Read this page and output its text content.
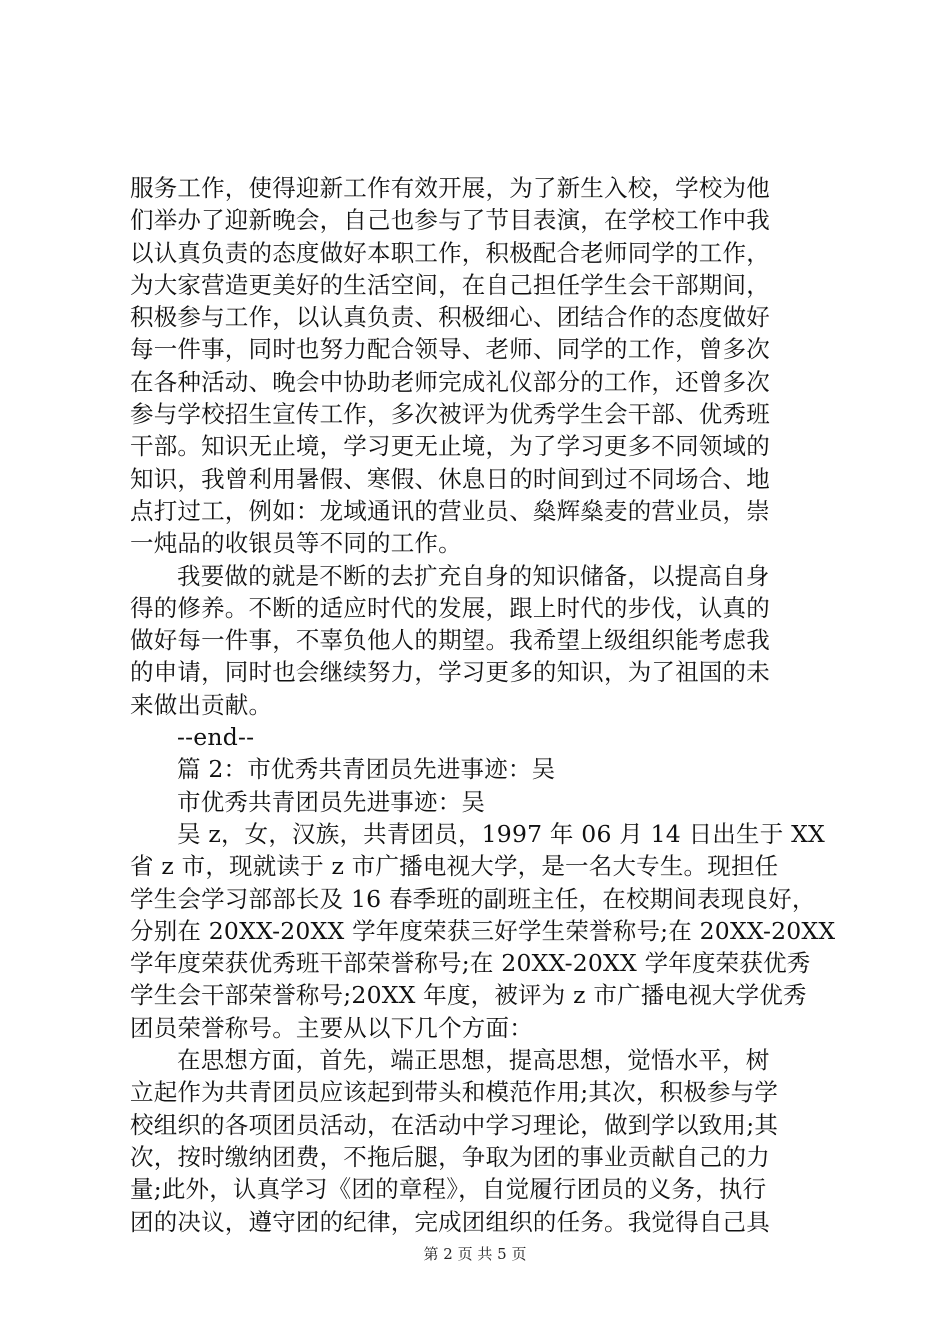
服务工作，使得迎新工作有效开展，为了新生入校，学校为他
们举办了迎新晚会，自己也参与了节目表演，在学校工作中我
以认真负责的态度做好本职工作，积极配合老师同学的工作，
为大家营造更美好的生活空间，在自己担任学生会干部期间，
积极参与工作，以认真负责、积极细心、团结合作的态度做好
每一件事，同时也努力配合领导、老师、同学的工作，曾多次
在各种活动、晚会中协助老师完成礼仪部分的工作，还曾多次
参与学校招生宣传工作，多次被评为优秀学生会干部、优秀班
干部。知识无止境，学习更无止境，为了学习更多不同领域的
知识，我曾利用暑假、寒假、休息日的时间到过不同场合、地
点打过工，例如：龙域通讯的营业员、燊辉燊麦的营业员，崇
一炖品的收银员等不同的工作。
我要做的就是不断的去扩充自身的知识储备，以提高自身
得的修养。不断的适应时代的发展，跟上时代的步伐，认真的
做好每一件事，不辜负他人的期望。我希望上级组织能考虑我
的申请，同时也会继续努力，学习更多的知识，为了祖国的未
来做出贡献。
--end--
篇 2：市优秀共青团员先进事迹：吴
市优秀共青团员先进事迹：吴
吴 z，女，汉族，共青团员，1997 年 06 月 14 日出生于 XX
省 z 市，现就读于 z 市广播电视大学，是一名大专生。现担任
学生会学习部部长及 16 春季班的副班主任，在校期间表现良好，
分别在 20XX-20XX 学年度荣获三好学生荣誉称号;在 20XX-20XX
学年度荣获优秀班干部荣誉称号;在 20XX-20XX 学年度荣获优秀
学生会干部荣誉称号;20XX 年度，被评为 z 市广播电视大学优秀
团员荣誉称号。主要从以下几个方面：
在思想方面，首先，端正思想，提高思想，觉悟水平，树
立起作为共青团员应该起到带头和模范作用;其次，积极参与学
校组织的各项团员活动，在活动中学习理论，做到学以致用;其
次，按时缴纳团费，不拖后腿，争取为团的事业贡献自己的力
量;此外，认真学习《团的章程》，自觉履行团员的义务，执行
团的决议，遵守团的纪律，完成团组织的任务。我觉得自己具
第 2 页 共 5 页
